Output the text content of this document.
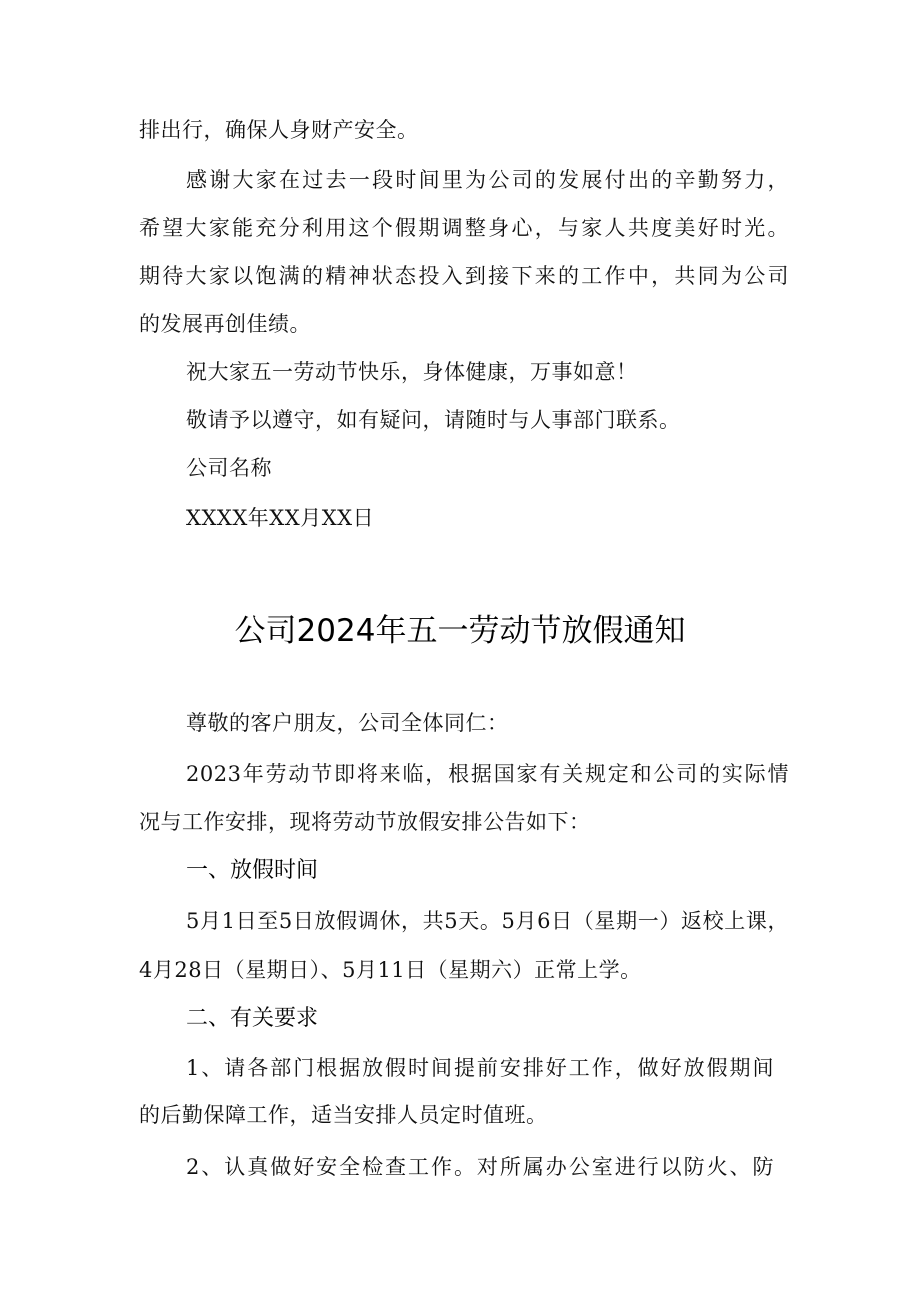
排出行，确保人身财产安全。
感谢大家在过去一段时间里为公司的发展付出的辛勤努力，
希望大家能充分利用这个假期调整身心，与家人共度美好时光。
期待大家以饱满的精神状态投入到接下来的工作中，共同为公司
的发展再创佳绩。
祝大家五一劳动节快乐，身体健康，万事如意！
敬请予以遵守，如有疑问，请随时与人事部门联系。
公司名称
XXXX年XX月XX日
公司2024年五一劳动节放假通知
尊敬的客户朋友，公司全体同仁：
2023年劳动节即将来临，根据国家有关规定和公司的实际情
况与工作安排，现将劳动节放假安排公告如下：
一、放假时间
5月1日至5日放假调休，共5天。5月6日（星期一）返校上课，
4月28日（星期日）、5月11日（星期六）正常上学。
二、有关要求
1、请各部门根据放假时间提前安排好工作，做好放假期间
的后勤保障工作，适当安排人员定时值班。
2、认真做好安全检查工作。对所属办公室进行以防火、防
